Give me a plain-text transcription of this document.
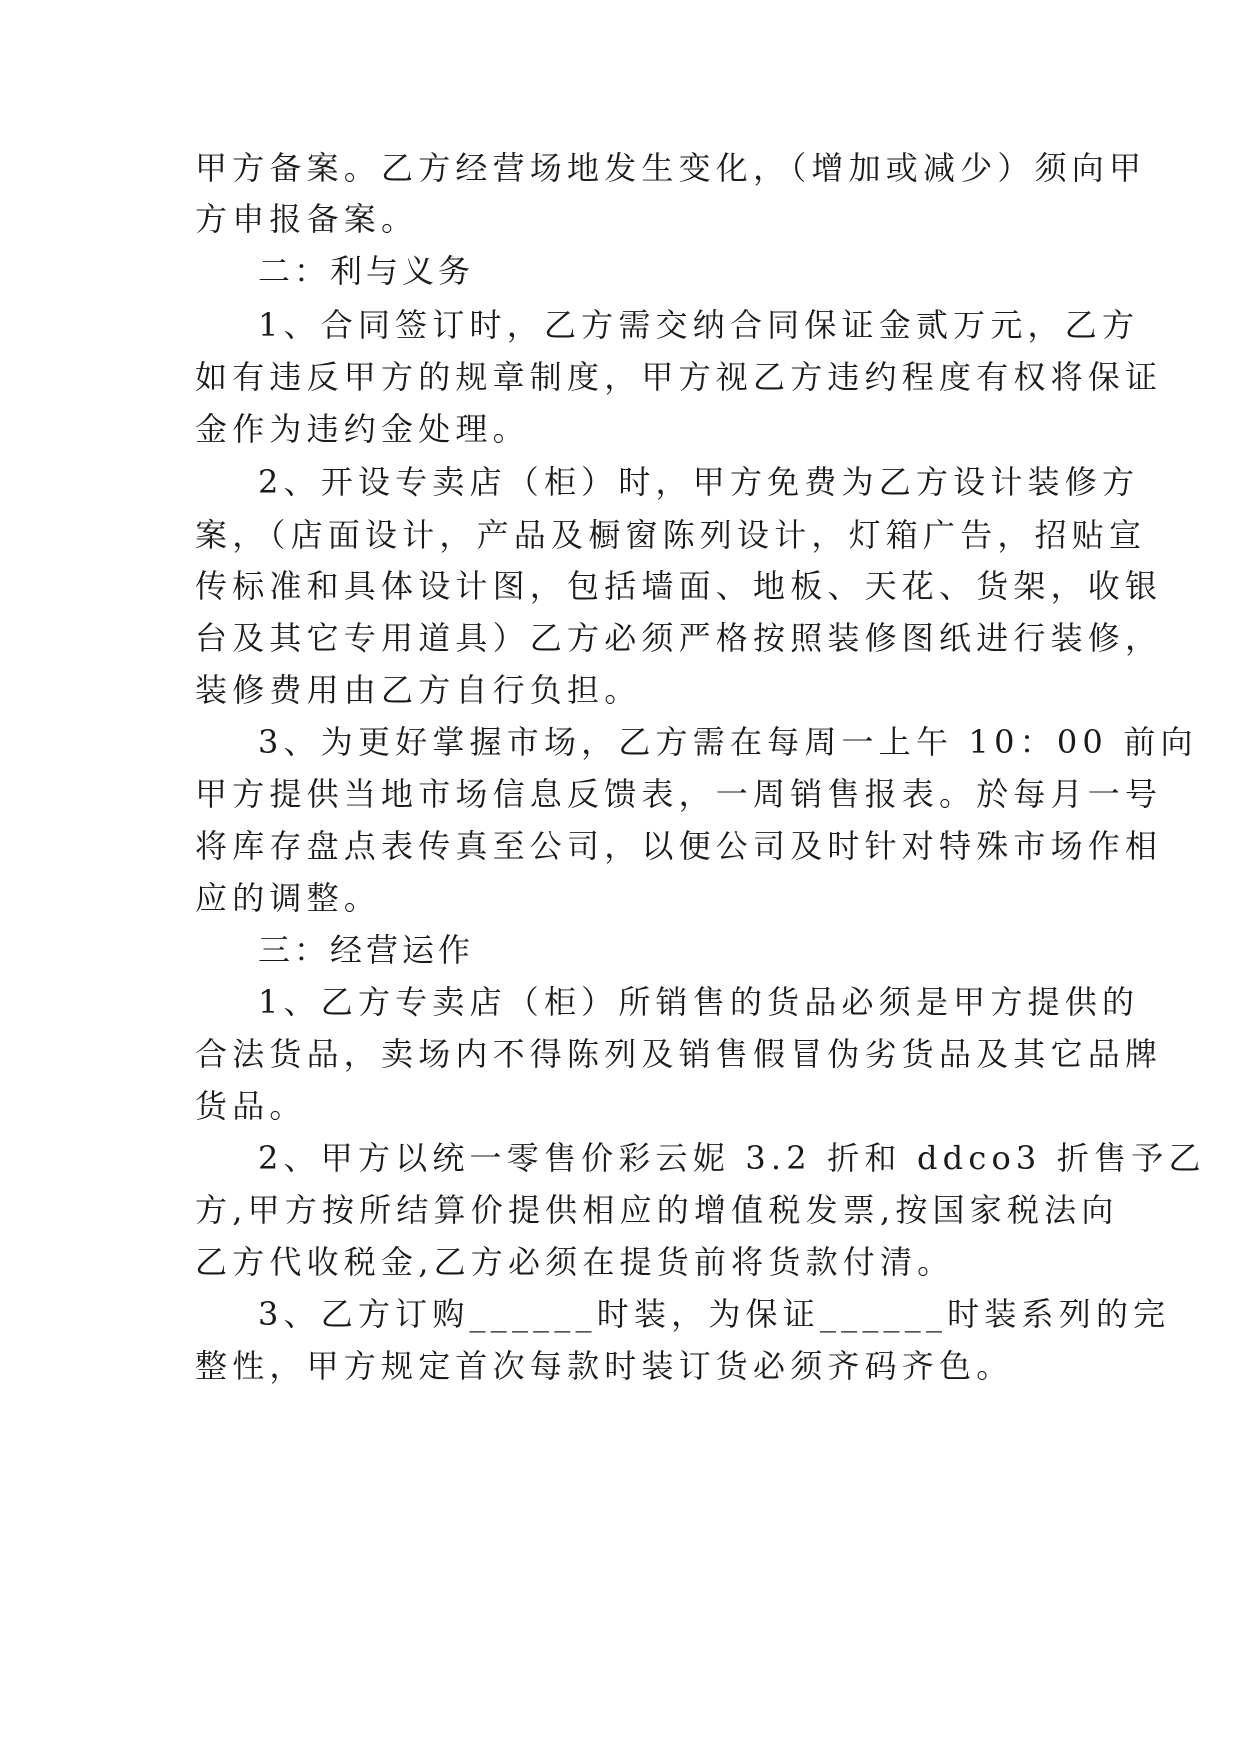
甲方备案。乙方经营场地发生变化，（增加或减少）须向甲

方申报备案。

二：利与义务

1、合同签订时，乙方需交纳合同保证金贰万元，乙方

如有违反甲方的规章制度，甲方视乙方违约程度有权将保证

金作为违约金处理。

2、开设专卖店（柜）时，甲方免费为乙方设计装修方

案，（店面设计，产品及橱窗陈列设计，灯箱广告，招贴宣

传标准和具体设计图，包括墙面、地板、天花、货架，收银

台及其它专用道具）乙方必须严格按照装修图纸进行装修，

装修费用由乙方自行负担。

3、为更好掌握市场，乙方需在每周一上午 10：00 前向

甲方提供当地市场信息反馈表，一周销售报表。於每月一号

将库存盘点表传真至公司，以便公司及时针对特殊市场作相

应的调整。

三：经营运作

1、乙方专卖店（柜）所销售的货品必须是甲方提供的

合法货品，卖场内不得陈列及销售假冒伪劣货品及其它品牌

货品。

2、甲方以统一零售价彩云妮 3.2 折和 ddco3 折售予乙

方,甲方按所结算价提供相应的增值税发票,按国家税法向

乙方代收税金,乙方必须在提货前将货款付清。

3、乙方订购______时装，为保证______时装系列的完

整性，甲方规定首次每款时装订货必须齐码齐色。
